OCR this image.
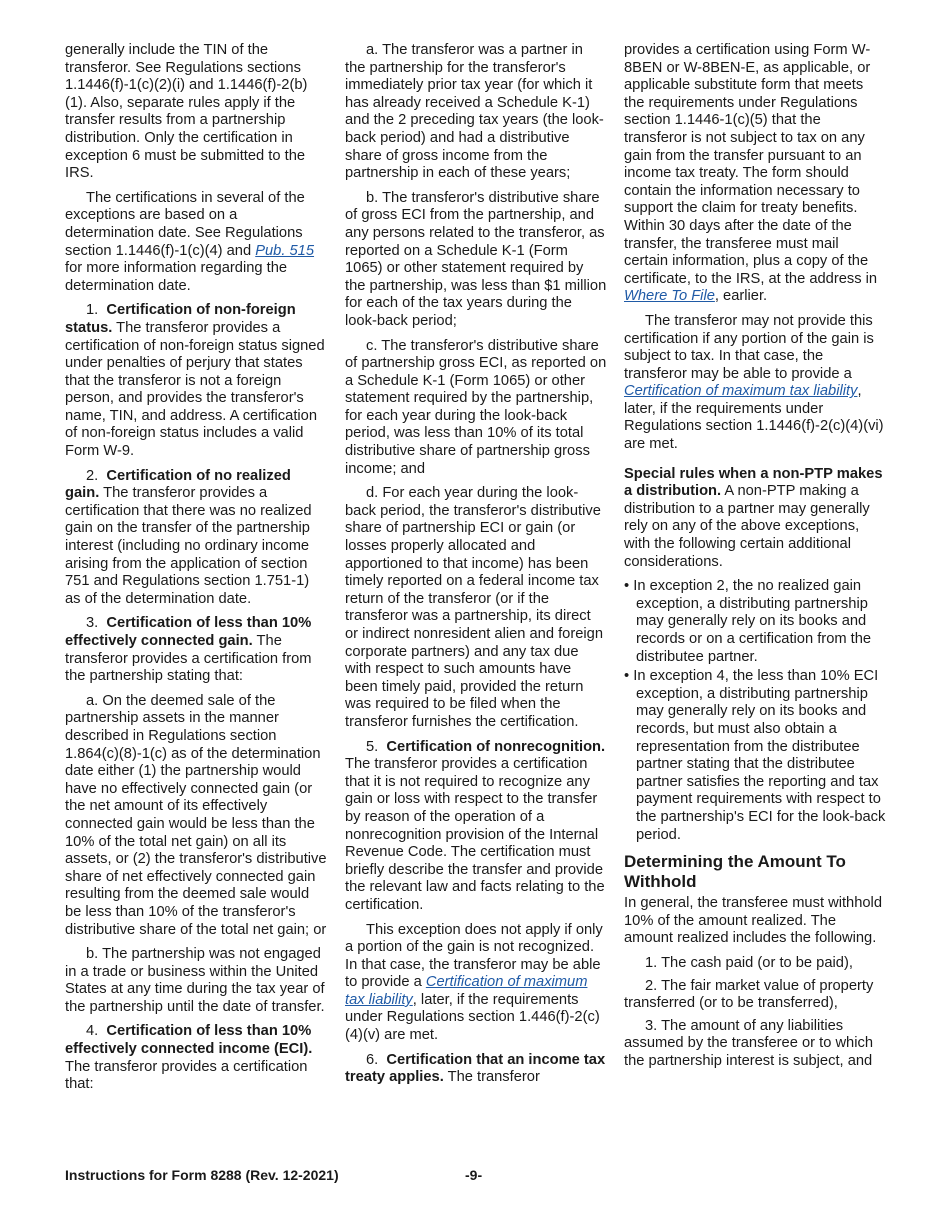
generally include the TIN of the transferor. See Regulations sections 1.1446(f)-1(c)(2)(i) and 1.1446(f)-2(b)(1). Also, separate rules apply if the transfer results from a partnership distribution. Only the certification in exception 6 must be submitted to the IRS.

The certifications in several of the exceptions are based on a determination date. See Regulations section 1.1446(f)-1(c)(4) and Pub. 515 for more information regarding the determination date.

1. Certification of non-foreign status. The transferor provides a certification of non-foreign status signed under penalties of perjury that states that the transferor is not a foreign person, and provides the transferor's name, TIN, and address. A certification of non-foreign status includes a valid Form W-9.

2. Certification of no realized gain. The transferor provides a certification that there was no realized gain on the transfer of the partnership interest (including no ordinary income arising from the application of section 751 and Regulations section 1.751-1) as of the determination date.

3. Certification of less than 10% effectively connected gain. The transferor provides a certification from the partnership stating that:

a. On the deemed sale of the partnership assets in the manner described in Regulations section 1.864(c)(8)-1(c) as of the determination date either (1) the partnership would have no effectively connected gain (or the net amount of its effectively connected gain would be less than the 10% of the total net gain) on all its assets, or (2) the transferor's distributive share of net effectively connected gain resulting from the deemed sale would be less than 10% of the transferor's distributive share of the total net gain; or

b. The partnership was not engaged in a trade or business within the United States at any time during the tax year of the partnership until the date of transfer.

4. Certification of less than 10% effectively connected income (ECI). The transferor provides a certification that:

a. The transferor was a partner in the partnership for the transferor's immediately prior tax year (for which it has already received a Schedule K-1) and the 2 preceding tax years (the look-back period) and had a distributive share of gross income from the partnership in each of these years;

b. The transferor's distributive share of gross ECI from the partnership, and any persons related to the transferor, as reported on a Schedule K-1 (Form 1065) or other statement required by the partnership, was less than $1 million for each of the tax years during the look-back period;

c. The transferor's distributive share of partnership gross ECI, as reported on a Schedule K-1 (Form 1065) or other statement required by the partnership, for each year during the look-back period, was less than 10% of its total distributive share of partnership gross income; and

d. For each year during the look-back period, the transferor's distributive share of partnership ECI or gain (or losses properly allocated and apportioned to that income) has been timely reported on a federal income tax return of the transferor (or if the transferor was a partnership, its direct or indirect nonresident alien and foreign corporate partners) and any tax due with respect to such amounts have been timely paid, provided the return was required to be filed when the transferor furnishes the certification.

5. Certification of nonrecognition. The transferor provides a certification that it is not required to recognize any gain or loss with respect to the transfer by reason of the operation of a nonrecognition provision of the Internal Revenue Code. The certification must briefly describe the transfer and provide the relevant law and facts relating to the certification.

This exception does not apply if only a portion of the gain is not recognized. In that case, the transferor may be able to provide a Certification of maximum tax liability, later, if the requirements under Regulations section 1.446(f)-2(c)(4)(v) are met.

6. Certification that an income tax treaty applies. The transferor

provides a certification using Form W-8BEN or W-8BEN-E, as applicable, or applicable substitute form that meets the requirements under Regulations section 1.1446-1(c)(5) that the transferor is not subject to tax on any gain from the transfer pursuant to an income tax treaty. The form should contain the information necessary to support the claim for treaty benefits. Within 30 days after the date of the transfer, the transferee must mail certain information, plus a copy of the certificate, to the IRS, at the address in Where To File, earlier.

The transferor may not provide this certification if any portion of the gain is subject to tax. In that case, the transferor may be able to provide a Certification of maximum tax liability, later, if the requirements under Regulations section 1.1446(f)-2(c)(4)(vi) are met.

Special rules when a non-PTP makes a distribution. A non-PTP making a distribution to a partner may generally rely on any of the above exceptions, with the following certain additional considerations.

• In exception 2, the no realized gain exception, a distributing partnership may generally rely on its books and records or on a certification from the distributee partner.

• In exception 4, the less than 10% ECI exception, a distributing partnership may generally rely on its books and records, but must also obtain a representation from the distributee partner stating that the distributee partner satisfies the reporting and tax payment requirements with respect to the partnership's ECI for the look-back period.

Determining the Amount To Withhold

In general, the transferee must withhold 10% of the amount realized. The amount realized includes the following.

1. The cash paid (or to be paid),

2. The fair market value of property transferred (or to be transferred),

3. The amount of any liabilities assumed by the transferee or to which the partnership interest is subject, and

Instructions for Form 8288 (Rev. 12-2021)	-9-
